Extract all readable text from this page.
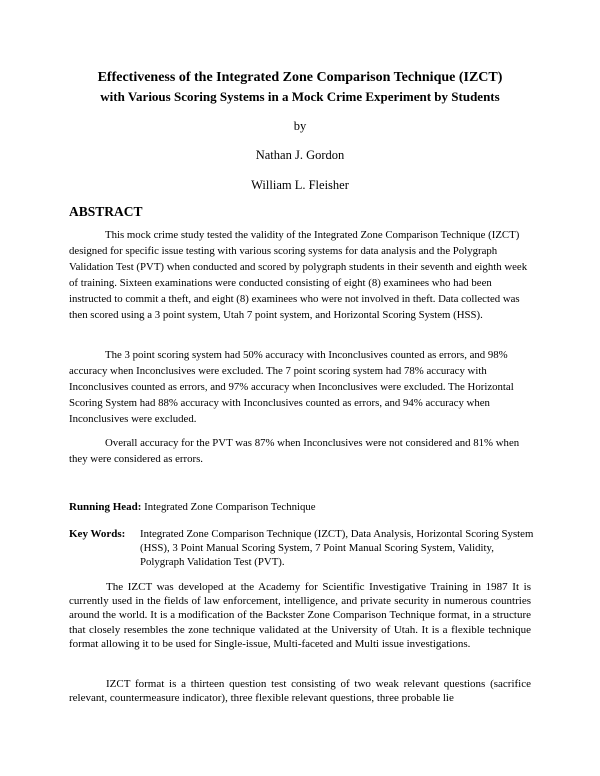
Effectiveness of the Integrated Zone Comparison Technique (IZCT)
with Various Scoring Systems in a Mock Crime Experiment by Students
by
Nathan J. Gordon
William L. Fleisher
ABSTRACT

This mock crime study tested the validity of the Integrated Zone Comparison Technique (IZCT) designed for specific issue testing with various scoring systems for data analysis and the Polygraph Validation Test (PVT) when conducted and scored by polygraph students in their seventh and eighth week of training. Sixteen examinations were conducted consisting of eight (8) examinees who had been instructed to commit a theft, and eight (8) examinees who were not involved in theft. Data collected was then scored using a 3 point system, Utah 7 point system, and Horizontal Scoring System (HSS).

The 3 point scoring system had 50% accuracy with Inconclusives counted as errors, and 98% accuracy when Inconclusives were excluded. The 7 point scoring system had 78% accuracy with Inconclusives counted as errors, and 97% accuracy when Inconclusives were excluded. The Horizontal Scoring System had 88% accuracy with Inconclusives counted as errors, and 94% accuracy when Inconclusives were excluded.

Overall accuracy for the PVT was 87% when Inconclusives were not considered and 81% when they were considered as errors.

Running Head: Integrated Zone Comparison Technique
Key Words: Integrated Zone Comparison Technique (IZCT), Data Analysis, Horizontal Scoring System (HSS), 3 Point Manual Scoring System, 7 Point Manual Scoring System, Validity, Polygraph Validation Test (PVT).

The IZCT was developed at the Academy for Scientific Investigative Training in 1987 It is currently used in the fields of law enforcement, intelligence, and private security in numerous countries around the world. It is a modification of the Backster Zone Comparison Technique format, in a structure that closely resembles the zone technique validated at the University of Utah. It is a flexible technique format allowing it to be used for Single-issue, Multi-faceted and Multi issue investigations.

IZCT format is a thirteen question test consisting of two weak relevant questions (sacrifice relevant, countermeasure indicator), three flexible relevant questions, three probable lie
